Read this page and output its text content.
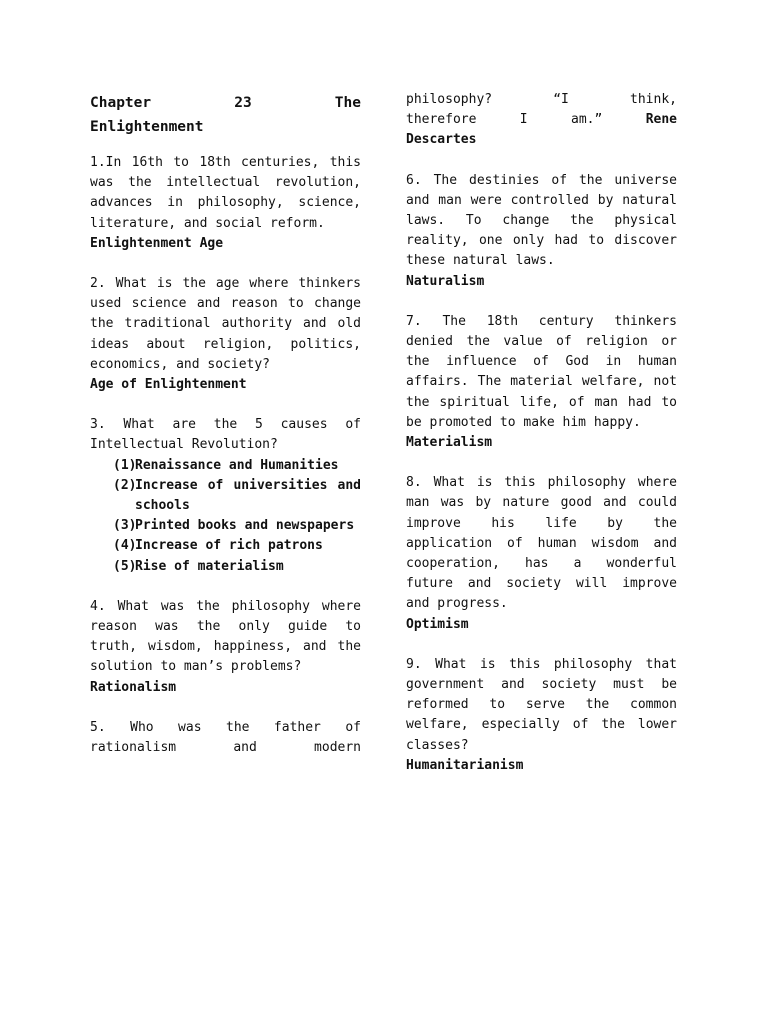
Chapter 23 The
Enlightenment

1.In 16th to 18th centuries, this was the intellectual revolution, advances in philosophy, science, literature, and social reform.

Enlightenment Age

2. What is the age where thinkers used science and reason to change the traditional authority and old ideas about religion, politics, economics, and society?

Age of Enlightenment

3. What are the 5 causes of Intellectual Revolution?

(1)Renaissance and Humanities
(2)Increase of universities and schools
(3)Printed books and newspapers
(4)Increase of rich patrons
(5)Rise of materialism

4. What was the philosophy where reason was the only guide to truth, wisdom, happiness, and the solution to man’s problems?

Rationalism

5. Who was the father of rationalism and modern

philosophy? “I think,

therefore I am.”	Rene

Descartes

6. The destinies of the universe and man were controlled by natural laws. To change the physical reality, one only had to discover these natural laws.

Naturalism

7. The 18th century thinkers denied the value of religion or the influence of God in human affairs. The material welfare, not the spiritual life, of man had to be promoted to make him happy.

Materialism

8. What is this philosophy where man was by nature good and could improve his life by the application of human wisdom and cooperation, has a wonderful future and society will improve and progress.

Optimism

9. What is this philosophy that government and society must be reformed to serve the common welfare, especially of the lower classes?

Humanitarianism
